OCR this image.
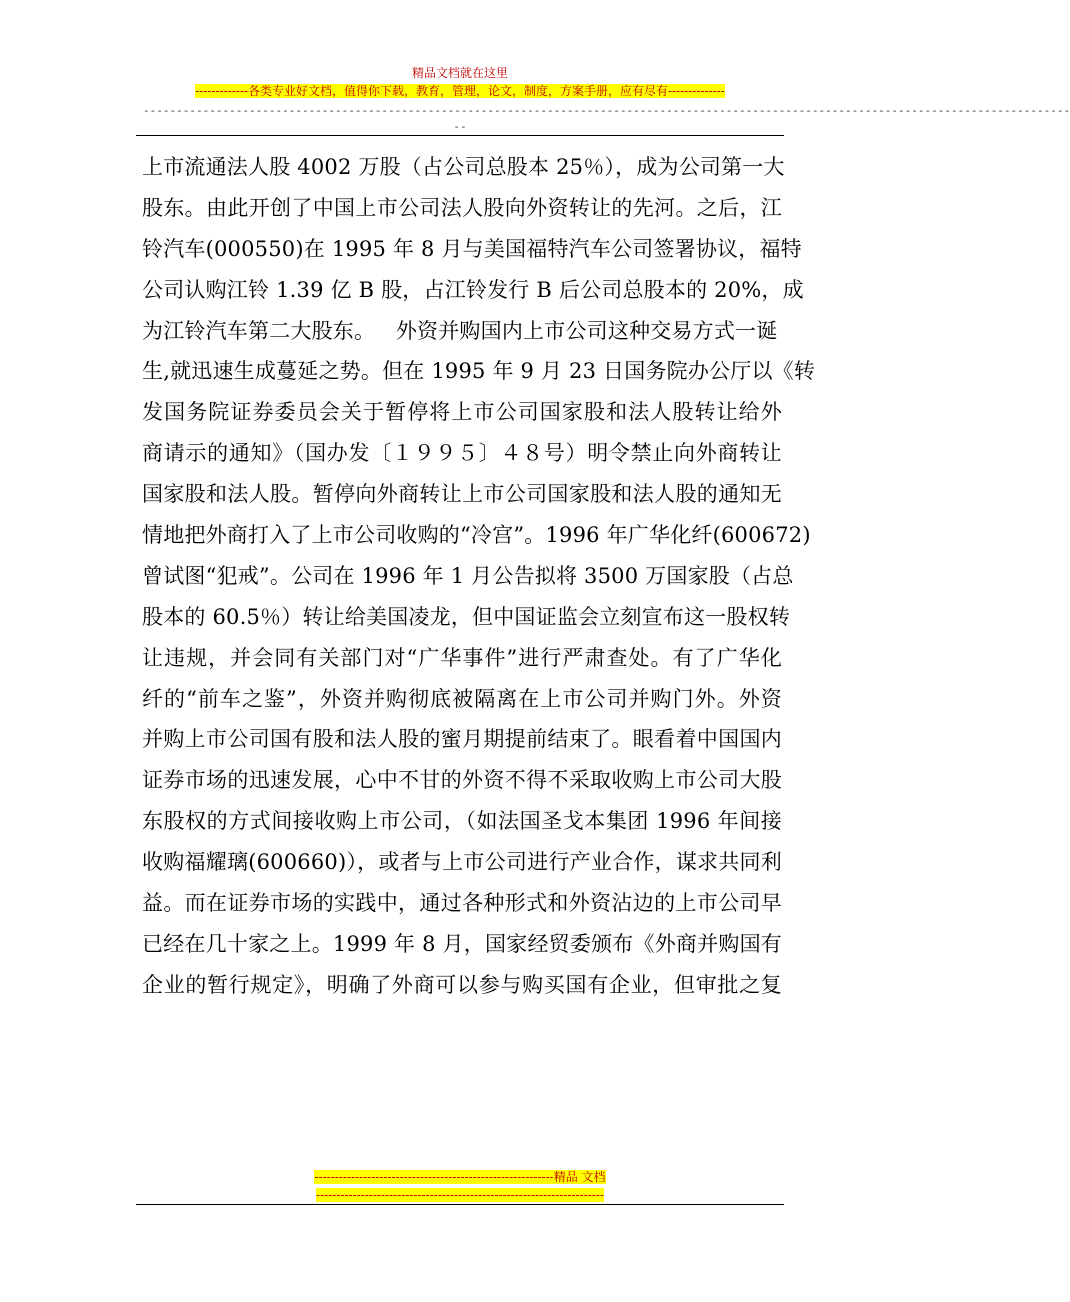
精品文档就在这里
-------------各类专业好文档，值得你下载，教育，管理，论文，制度，方案手册，应有尽有--------------
--------------------------------------------------------------------------------------------------------------------------------------------
--
上市流通法人股 4002 万股（占公司总股本 25％），成为公司第一大
股东。由此开创了中国上市公司法人股向外资转让的先河。之后，江
铃汽车(000550)在 1995 年 8 月与美国福特汽车公司签署协议，福特
公司认购江铃 1.39 亿 B 股，占江铃发行 B 后公司总股本的 20%，成
为江铃汽车第二大股东。   外资并购国内上市公司这种交易方式一诞
生,就迅速生成蔓延之势。但在 1995 年 9 月 23 日国务院办公厅以《转
发国务院证券委员会关于暂停将上市公司国家股和法人股转让给外
商请示的通知》（国办发〔１９９５〕４８号）明令禁止向外商转让
国家股和法人股。暂停向外商转让上市公司国家股和法人股的通知无
情地把外商打入了上市公司收购的“冷宫”。1996 年广华化纤(600672)
曾试图“犯戒”。公司在 1996 年 1 月公告拟将 3500 万国家股（占总
股本的 60.5％）转让给美国凌龙，但中国证监会立刻宣布这一股权转
让违规，并会同有关部门对“广华事件”进行严肃查处。有了广华化
纤的“前车之鉴”，外资并购彻底被隔离在上市公司并购门外。外资
并购上市公司国有股和法人股的蜜月期提前结束了。眼看着中国国内
证券市场的迅速发展，心中不甘的外资不得不采取收购上市公司大股
东股权的方式间接收购上市公司，（如法国圣戈本集团 1996 年间接
收购福耀璃(600660)），或者与上市公司进行产业合作，谋求共同利
益。而在证券市场的实践中，通过各种形式和外资沾边的上市公司早
已经在几十家之上。1999 年 8 月，国家经贸委颁布《外商并购国有
企业的暂行规定》，明确了外商可以参与购买国有企业，但审批之复
-----------------------------------------------------------精品 文档
-----------------------------------------------------------------------
